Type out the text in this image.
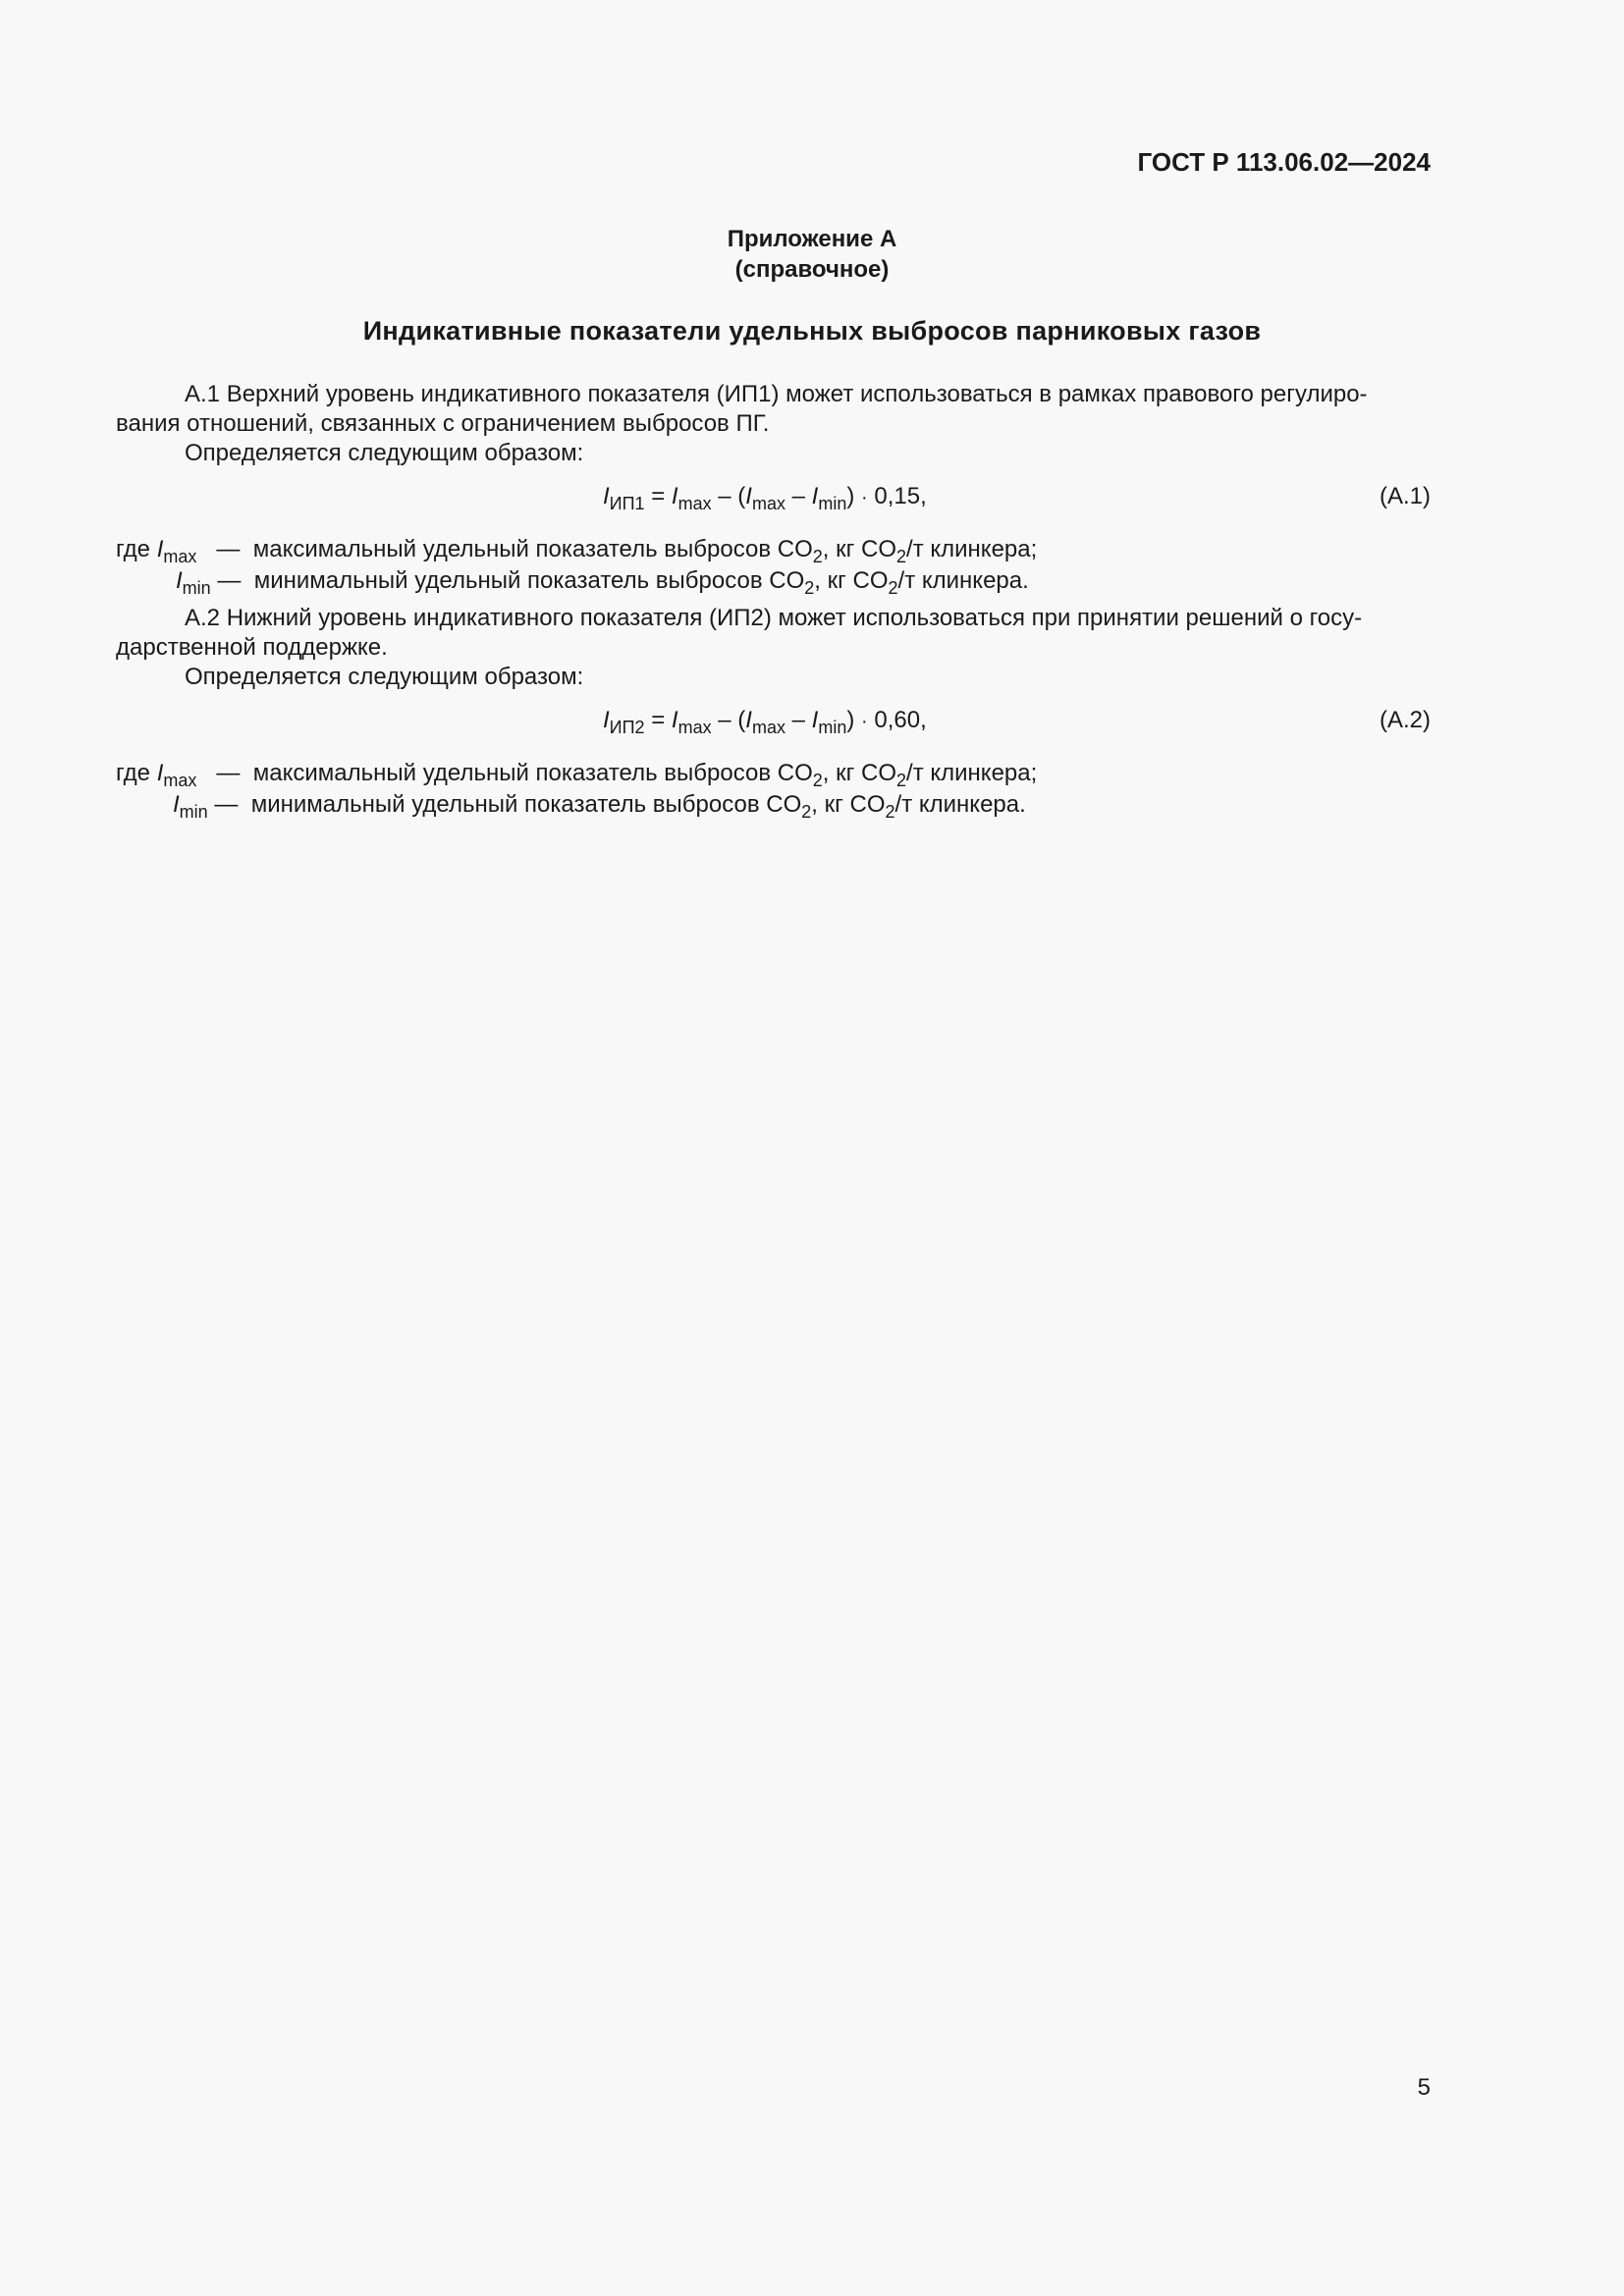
ГОСТ Р 113.06.02—2024
Приложение А
(справочное)
Индикативные показатели удельных выбросов парниковых газов
А.1 Верхний уровень индикативного показателя (ИП1) может использоваться в рамках правового регулиро-
вания отношений, связанных с ограничением выбросов ПГ.
Определяется следующим образом:
$I_{ИП1} = I_{max} - (I_{max} - I_{min}) \cdot 0,15$,	(А.1)
где $I_{max}$ — максимальный удельный показатель выбросов $CO_2$, кг $CO_2/т$ клинкера;
$I_{min}$ — минимальный удельный показатель выбросов $CO_2$, кг $CO_2/т$ клинкера.
А.2 Нижний уровень индикативного показателя (ИП2) может использоваться при принятии решений о госу-
дарственной поддержке.
Определяется следующим образом:
$I_{ИП2} = I_{max} - (I_{max} - I_{min}) \cdot 0,60$,	(А.2)
где $I_{max}$ — максимальный удельный показатель выбросов $CO_2$, кг $CO_2/т$ клинкера;
$I_{min}$ — минимальный удельный показатель выбросов $CO_2$, кг $CO_2/т$ клинкера.
5
